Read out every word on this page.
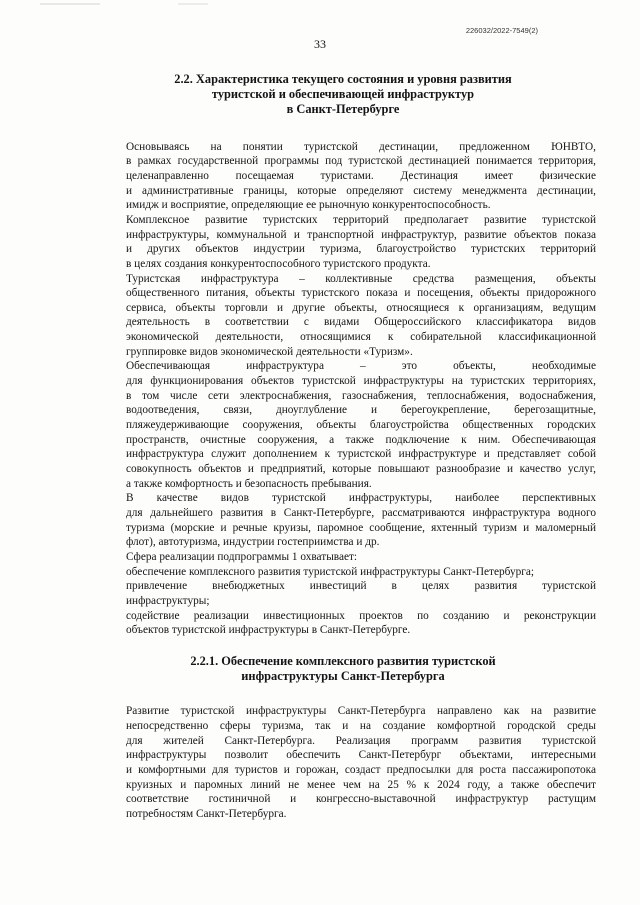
226032/2022-7549(2)
33
2.2. Характеристика текущего состояния и уровня развития
туристской и обеспечивающей инфраструктур
в Санкт-Петербурге

Основываясь на понятии туристской дестинации, предложенном ЮНВТО,
в рамках государственной программы под туристской дестинацией понимается территория,
целенаправленно посещаемая туристами. Дестинация имеет физические
и административные границы, которые определяют систему менеджмента дестинации,
имидж и восприятие, определяющие ее рыночную конкурентоспособность.

Комплексное развитие туристских территорий предполагает развитие туристской
инфраструктуры, коммунальной и транспортной инфраструктур, развитие объектов показа
и других объектов индустрии туризма, благоустройство туристских территорий
в целях создания конкурентоспособного туристского продукта.

Туристская инфраструктура – коллективные средства размещения, объекты
общественного питания, объекты туристского показа и посещения, объекты придорожного
сервиса, объекты торговли и другие объекты, относящиеся к организациям, ведущим
деятельность в соответствии с видами Общероссийского классификатора видов
экономической деятельности, относящимися к собирательной классификационной
группировке видов экономической деятельности «Туризм».

Обеспечивающая инфраструктура – это объекты, необходимые
для функционирования объектов туристской инфраструктуры на туристских территориях,
в том числе сети электроснабжения, газоснабжения, теплоснабжения, водоснабжения,
водоотведения, связи, дноуглубление и берегоукрепление, берегозащитные,
пляжеудерживающие сооружения, объекты благоустройства общественных городских
пространств, очистные сооружения, а также подключение к ним. Обеспечивающая
инфраструктура служит дополнением к туристской инфраструктуре и представляет собой
совокупность объектов и предприятий, которые повышают разнообразие и качество услуг,
а также комфортность и безопасность пребывания.

В качестве видов туристской инфраструктуры, наиболее перспективных
для дальнейшего развития в Санкт-Петербурге, рассматриваются инфраструктура водного
туризма (морские и речные круизы, паромное сообщение, яхтенный туризм и маломерный
флот), автотуризма, индустрии гостеприимства и др.

Сфера реализации подпрограммы 1 охватывает:

обеспечение комплексного развития туристской инфраструктуры Санкт-Петербурга;

привлечение внебюджетных инвестиций в целях развития туристской
инфраструктуры;

содействие реализации инвестиционных проектов по созданию и реконструкции
объектов туристской инфраструктуры в Санкт-Петербурге.

2.2.1. Обеспечение комплексного развития туристской
инфраструктуры Санкт-Петербурга

Развитие туристской инфраструктуры Санкт-Петербурга направлено как на развитие
непосредственно сферы туризма, так и на создание комфортной городской среды
для жителей Санкт-Петербурга. Реализация программ развития туристской
инфраструктуры позволит обеспечить Санкт-Петербург объектами, интересными
и комфортными для туристов и горожан, создаст предпосылки для роста пассажиропотока
круизных и паромных линий не менее чем на 25 % к 2024 году, а также обеспечит
соответствие гостиничной и конгрессно-выставочной инфраструктур растущим
потребностям Санкт-Петербурга.
